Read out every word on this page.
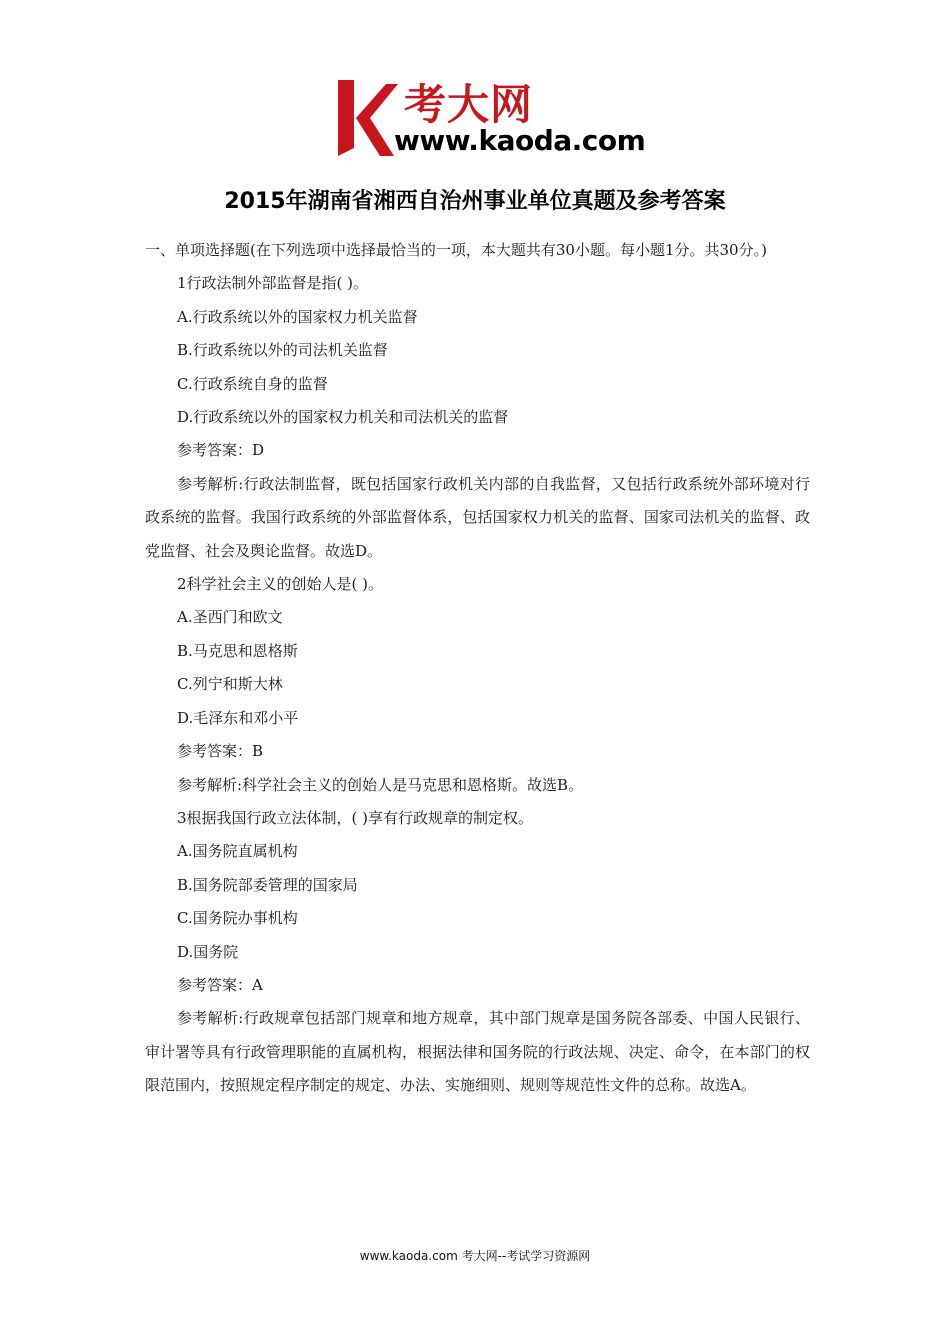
考大网
www.kaoda.com
2015年湖南省湘西自治州事业单位真题及参考答案

一、单项选择题(在下列选项中选择最恰当的一项，本大题共有30小题。每小题1分。共30分。)

1行政法制外部监督是指( )。

A.行政系统以外的国家权力机关监督

B.行政系统以外的司法机关监督

C.行政系统自身的监督

D.行政系统以外的国家权力机关和司法机关的监督

参考答案：D

参考解析:行政法制监督，既包括国家行政机关内部的自我监督，又包括行政系统外部环境对行政系统的监督。我国行政系统的外部监督体系，包括国家权力机关的监督、国家司法机关的监督、政党监督、社会及舆论监督。故选D。

2科学社会主义的创始人是( )。

A.圣西门和欧文

B.马克思和恩格斯

C.列宁和斯大林

D.毛泽东和邓小平

参考答案：B

参考解析:科学社会主义的创始人是马克思和恩格斯。故选B。

3根据我国行政立法体制，( )享有行政规章的制定权。

A.国务院直属机构

B.国务院部委管理的国家局

C.国务院办事机构

D.国务院

参考答案：A

参考解析:行政规章包括部门规章和地方规章，其中部门规章是国务院各部委、中国人民银行、审计署等具有行政管理职能的直属机构，根据法律和国务院的行政法规、决定、命令，在本部门的权限范围内，按照规定程序制定的规定、办法、实施细则、规则等规范性文件的总称。故选A。

www.kaoda.com 考大网--考试学习资源网
